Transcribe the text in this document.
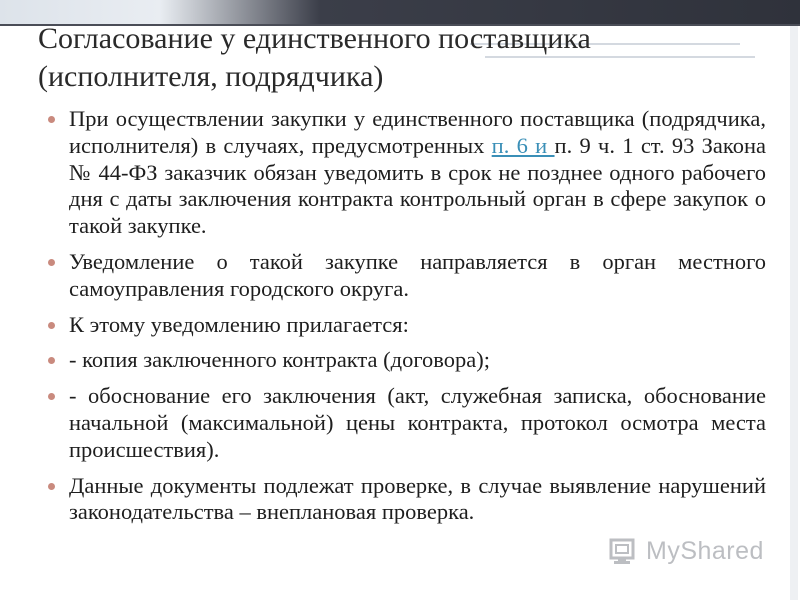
Согласование у единственного поставщика (исполнителя, подрядчика)
При осуществлении закупки у единственного поставщика (подрядчика, исполнителя) в случаях, предусмотренных п. 6 и п. 9 ч. 1 ст. 93 Закона № 44-ФЗ заказчик обязан уведомить в срок не позднее одного рабочего дня с даты заключения контракта контрольный орган в сфере закупок о такой закупке.
Уведомление о такой закупке направляется в орган местного самоуправления городского округа.
К этому уведомлению прилагается:
- копия заключенного контракта (договора);
- обоснование его заключения (акт, служебная записка, обоснование начальной (максимальной) цены контракта, протокол осмотра места происшествия).
Данные документы подлежат проверке, в случае выявление нарушений законодательства – внеплановая проверка.
MyShared
